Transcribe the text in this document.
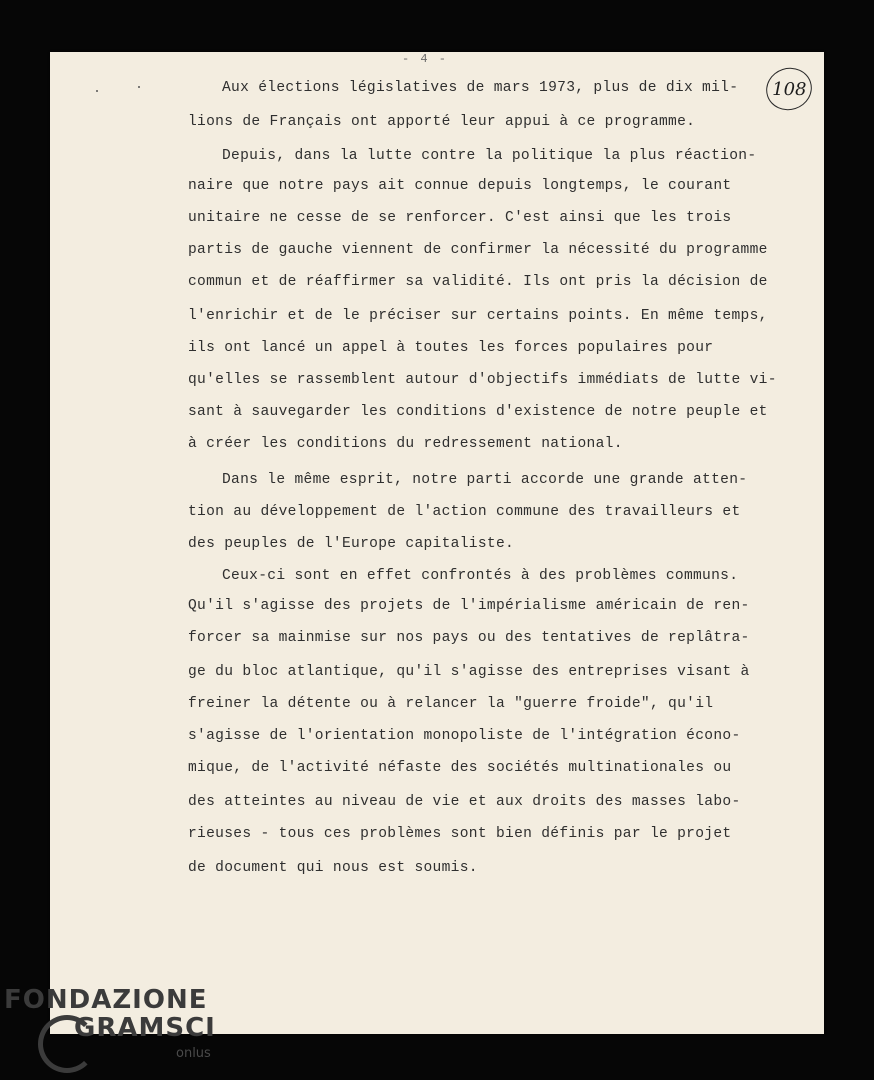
- 4 -
108
Aux élections législatives de mars 1973, plus de dix mil-
lions de Français ont apporté leur appui à ce programme.
Depuis, dans la lutte contre la politique la plus réaction-
naire que notre pays ait connue depuis longtemps, le courant
unitaire ne cesse de se renforcer. C'est ainsi que les trois
partis de gauche viennent de confirmer la nécessité du programme
commun et de réaffirmer sa validité. Ils ont pris la décision de
l'enrichir et de le préciser sur certains points. En même temps,
ils ont lancé un appel à toutes les forces populaires pour
qu'elles se rassemblent autour d'objectifs immédiats de lutte vi-
sant à sauvegarder les conditions d'existence de notre peuple et
à créer les conditions du redressement national.
Dans le même esprit, notre parti accorde une grande atten-
tion au développement de l'action commune des travailleurs et
des peuples de l'Europe capitaliste.
Ceux-ci sont en effet confrontés à des problèmes communs.
Qu'il s'agisse des projets de l'impérialisme américain de ren-
forcer sa mainmise sur nos pays ou des tentatives de replâtra-
ge du bloc atlantique, qu'il s'agisse des entreprises visant à
freiner la détente ou à relancer la "guerre froide", qu'il
s'agisse de l'orientation monopoliste de l'intégration écono-
mique, de l'activité néfaste des sociétés multinationales ou
des atteintes au niveau de vie et aux droits des masses labo-
rieuses - tous ces problèmes sont bien définis par le projet
de document qui nous est soumis.
FONDAZIONE
GRAMSCI
onlus
